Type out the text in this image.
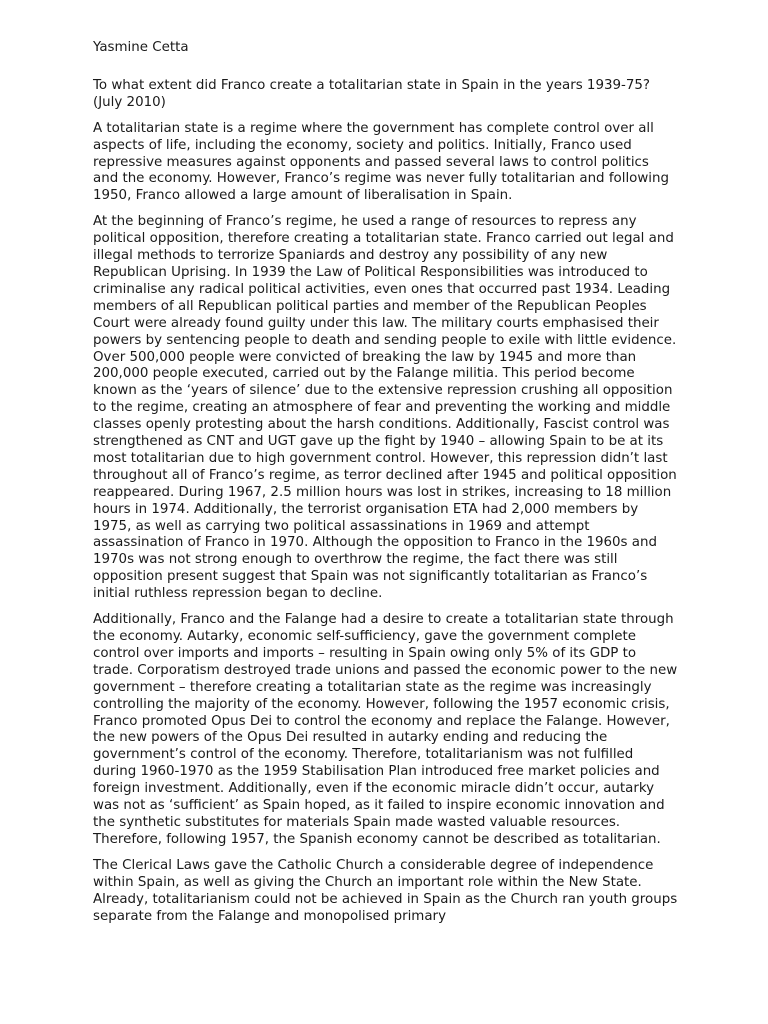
Yasmine Cetta

To what extent did Franco create a totalitarian state in Spain in the years 1939-75? (July 2010)

A totalitarian state is a regime where the government has complete control over all aspects of life, including the economy, society and politics. Initially, Franco used repressive measures against opponents and passed several laws to control politics and the economy. However, Franco’s regime was never fully totalitarian and following 1950, Franco allowed a large amount of liberalisation in Spain.

At the beginning of Franco’s regime, he used a range of resources to repress any political opposition, therefore creating a totalitarian state. Franco carried out legal and illegal methods to terrorize Spaniards and destroy any possibility of any new Republican Uprising. In 1939 the Law of Political Responsibilities was introduced to criminalise any radical political activities, even ones that occurred past 1934. Leading members of all Republican political parties and member of the Republican Peoples Court were already found guilty under this law. The military courts emphasised their powers by sentencing people to death and sending people to exile with little evidence. Over 500,000 people were convicted of breaking the law by 1945 and more than 200,000 people executed, carried out by the Falange militia. This period become known as the ‘years of silence’ due to the extensive repression crushing all opposition to the regime, creating an atmosphere of fear and preventing the working and middle classes openly protesting about the harsh conditions. Additionally, Fascist control was strengthened as CNT and UGT gave up the fight by 1940 – allowing Spain to be at its most totalitarian due to high government control. However, this repression didn’t last throughout all of Franco’s regime, as terror declined after 1945 and political opposition reappeared. During 1967, 2.5 million hours was lost in strikes, increasing to 18 million hours in 1974. Additionally, the terrorist organisation ETA had 2,000 members by 1975, as well as carrying two political assassinations in 1969 and attempt assassination of Franco in 1970. Although the opposition to Franco in the 1960s and 1970s was not strong enough to overthrow the regime, the fact there was still opposition present suggest that Spain was not significantly totalitarian as Franco’s initial ruthless repression began to decline.

Additionally, Franco and the Falange had a desire to create a totalitarian state through the economy. Autarky, economic self-sufficiency, gave the government complete control over imports and imports – resulting in Spain owing only 5% of its GDP to trade. Corporatism destroyed trade unions and passed the economic power to the new government – therefore creating a totalitarian state as the regime was increasingly controlling the majority of the economy. However, following the 1957 economic crisis, Franco promoted Opus Dei to control the economy and replace the Falange. However, the new powers of the Opus Dei resulted in autarky ending and reducing the government’s control of the economy. Therefore, totalitarianism was not fulfilled during 1960-1970 as the 1959 Stabilisation Plan introduced free market policies and foreign investment. Additionally, even if the economic miracle didn’t occur, autarky was not as ‘sufficient’ as Spain hoped, as it failed to inspire economic innovation and the synthetic substitutes for materials Spain made wasted valuable resources. Therefore, following 1957, the Spanish economy cannot be described as totalitarian.

The Clerical Laws gave the Catholic Church a considerable degree of independence within Spain, as well as giving the Church an important role within the New State. Already, totalitarianism could not be achieved in Spain as the Church ran youth groups separate from the Falange and monopolised primary
